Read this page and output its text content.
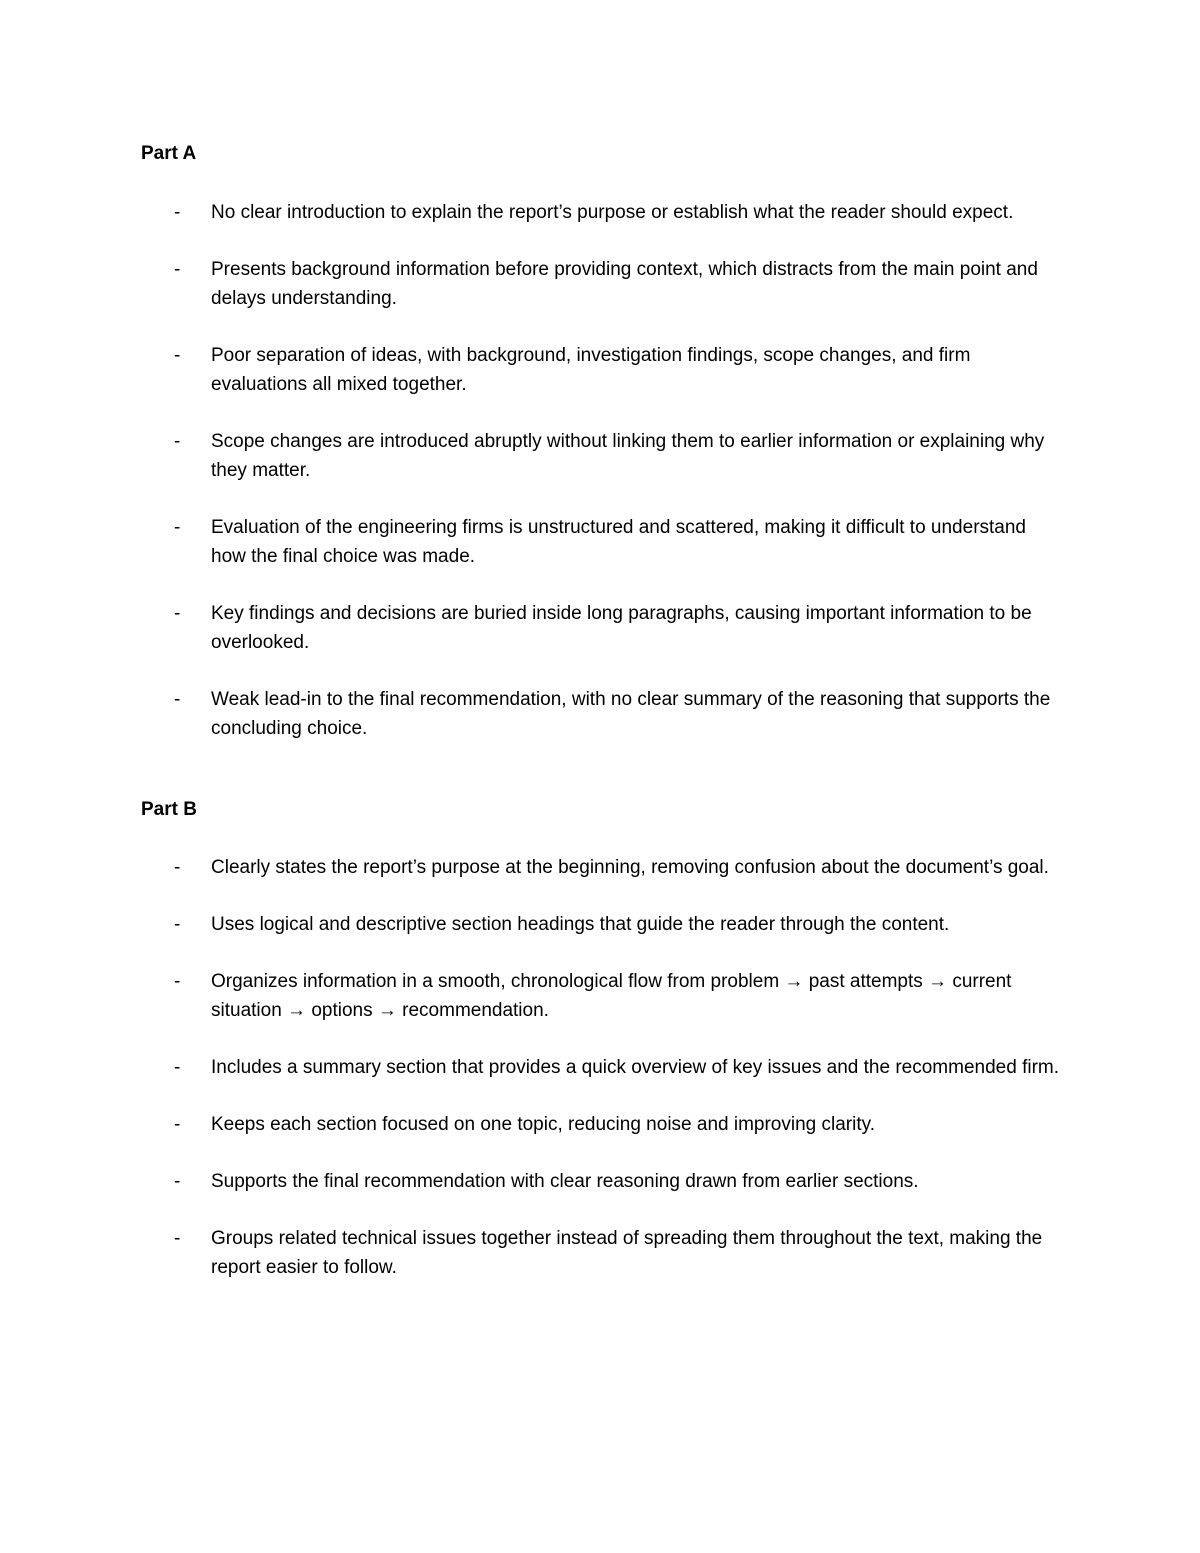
Part A
-	No clear introduction to explain the report’s purpose or establish what the reader should expect.
-	Presents background information before providing context, which distracts from the main point and delays understanding.
-	Poor separation of ideas, with background, investigation findings, scope changes, and firm evaluations all mixed together.
-	Scope changes are introduced abruptly without linking them to earlier information or explaining why they matter.
-	Evaluation of the engineering firms is unstructured and scattered, making it difficult to understand how the final choice was made.
-	Key findings and decisions are buried inside long paragraphs, causing important information to be overlooked.
-	Weak lead-in to the final recommendation, with no clear summary of the reasoning that supports the concluding choice.
Part B
-	Clearly states the report’s purpose at the beginning, removing confusion about the document’s goal.
-	Uses logical and descriptive section headings that guide the reader through the content.
-	Organizes information in a smooth, chronological flow from problem → past attempts → current situation → options → recommendation.
-	Includes a summary section that provides a quick overview of key issues and the recommended firm.
-	Keeps each section focused on one topic, reducing noise and improving clarity.
-	Supports the final recommendation with clear reasoning drawn from earlier sections.
-	Groups related technical issues together instead of spreading them throughout the text, making the report easier to follow.
